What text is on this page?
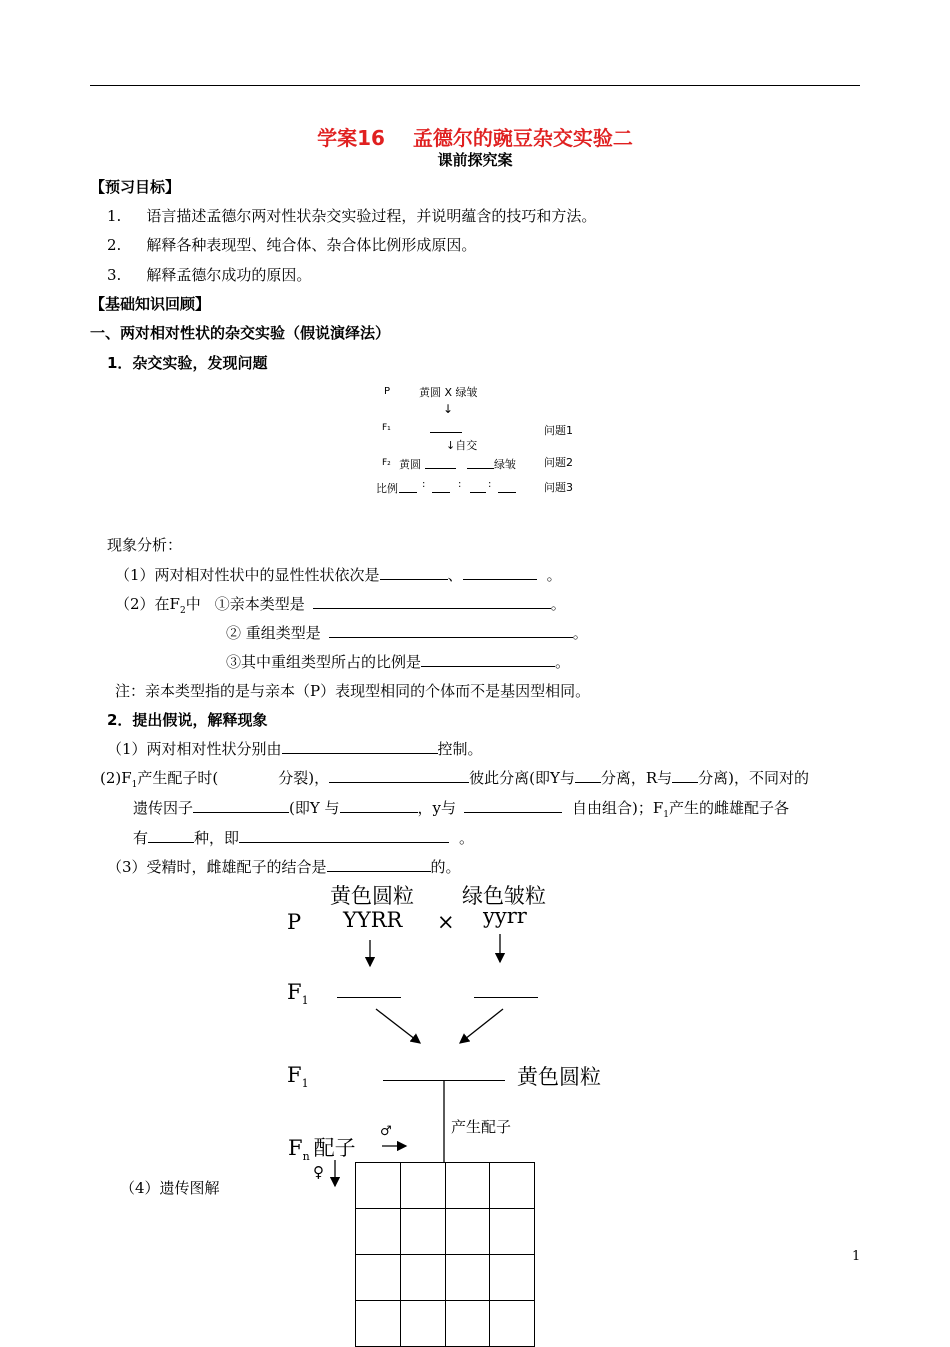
学案16 孟德尔的豌豆杂交实验二
课前探究案
【预习目标】
1. 语言描述孟德尔两对性状杂交实验过程，并说明蕴含的技巧和方法。
2. 解释各种表现型、纯合体、杂合体比例形成原因。
3. 解释孟德尔成功的原因。
【基础知识回顾】
一、两对相对性状的杂交实验（假说演绎法）
1．杂交实验，发现问题
P	黄圆 X 绿皱
↓
F₁
↓自交
F₂ 黄圆	绿皱
比例 :	:	:
问题1
问题2
问题3
现象分析：
（1）两对相对性状中的显性性状依次是	、	。
（2）在$F_2$中 ①亲本类型是	。
② 重组类型是	。
③其中重组类型所占的比例是	。
注：亲本类型指的是与亲本（P）表现型相同的个体而不是基因型相同。
2．提出假说，解释现象
（1）两对相对性状分别由	控制。
$(2)F_1$产生配子时(	分裂)，	彼此分离(即Y与 分离，R与 分离)，不同对的
遗传因子	(即Y 与	，y与	自由组合)；$F_1$产生的雌雄配子各
有	种，即	。
（3）受精时，雌雄配子的结合是	的。
（4）遗传图解
黄色圆粒 绿色皱粒
P YYRR × yyrr
$F_1$
$F_1$	黄色圆粒
产生配子
$F_n$ 配子
♂
♀

1
